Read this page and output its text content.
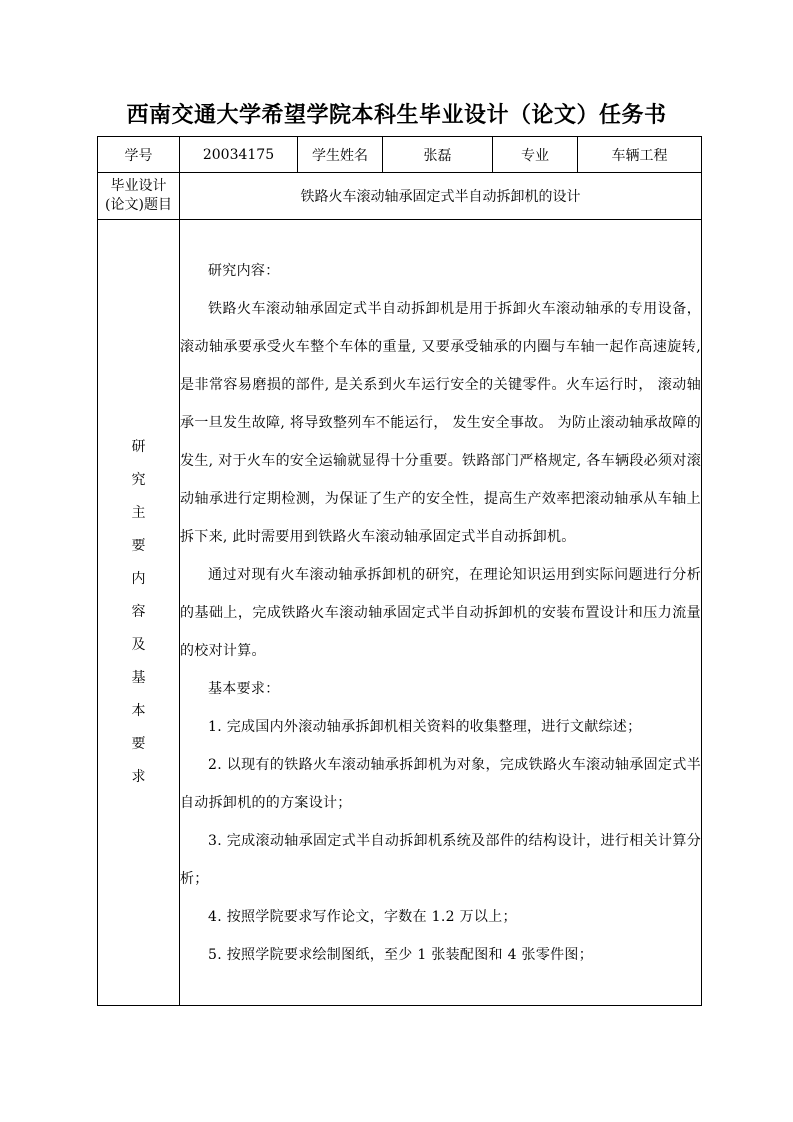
西南交通大学希望学院本科生毕业设计（论文）任务书
学号	20034175	学生姓名	张磊	专业	车辆工程
毕业设计
(论文)题目	铁路火车滚动轴承固定式半自动拆卸机的设计				

研究主要内容及基本要求

研究内容：

铁路火车滚动轴承固定式半自动拆卸机是用于拆卸火车滚动轴承的专用设备，滚动轴承要承受火车整个车体的重量, 又要承受轴承的内圈与车轴一起作高速旋转, 是非常容易磨损的部件, 是关系到火车运行安全的关键零件。火车运行时， 滚动轴承一旦发生故障, 将导致整列车不能运行， 发生安全事故。 为防止滚动轴承故障的发生, 对于火车的安全运输就显得十分重要。铁路部门严格规定, 各车辆段必须对滚动轴承进行定期检测，为保证了生产的安全性，提高生产效率把滚动轴承从车轴上拆下来, 此时需要用到铁路火车滚动轴承固定式半自动拆卸机。

通过对现有火车滚动轴承拆卸机的研究，在理论知识运用到实际问题进行分析的基础上，完成铁路火车滚动轴承固定式半自动拆卸机的安装布置设计和压力流量的校对计算。

基本要求：

1. 完成国内外滚动轴承拆卸机相关资料的收集整理，进行文献综述；

2. 以现有的铁路火车滚动轴承拆卸机为对象，完成铁路火车滚动轴承固定式半自动拆卸机的的方案设计；

3. 完成滚动轴承固定式半自动拆卸机系统及部件的结构设计，进行相关计算分析；

4. 按照学院要求写作论文，字数在 1.2 万以上；

5. 按照学院要求绘制图纸，至少 1 张装配图和 4 张零件图；
